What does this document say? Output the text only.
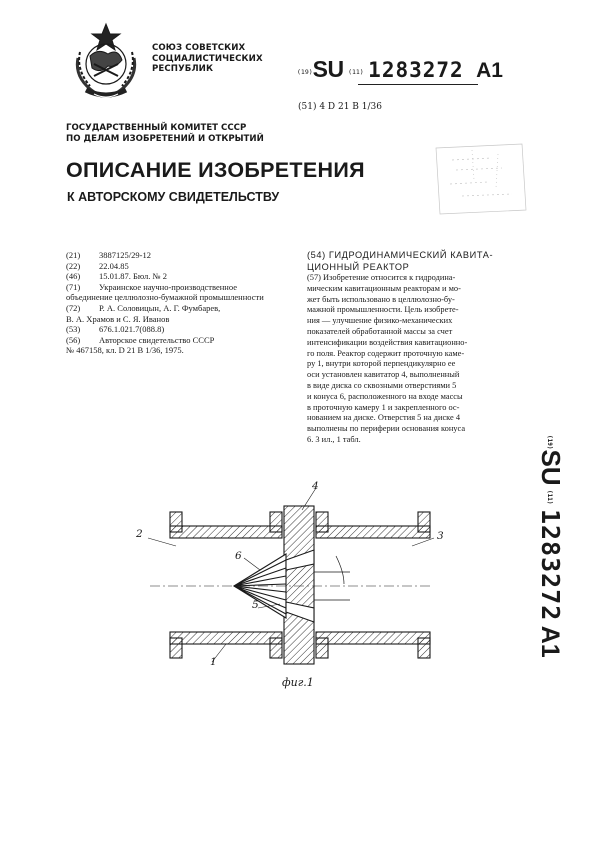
СОЮЗ СОВЕТСКИХ
СОЦИАЛИСТИЧЕСКИХ
РЕСПУБЛИК	(19)SU (11) 1283272 A1
(51) 4 D 21 B 1/36
ГОСУДАРСТВЕННЫЙ КОМИТЕТ СССР
ПО ДЕЛАМ ИЗОБРЕТЕНИЙ И ОТКРЫТИЙ
ОПИСАНИЕ ИЗОБРЕТЕНИЯ
К АВТОРСКОМУ СВИДЕТЕЛЬСТВУ
(21)	3887125/29-12
(22)	22.04.85
(46)	15.01.87. Бюл. № 2
(71)	Украинское научно-производственное
объединение целлюлозно-бумажной промышленности
(72)	Р. А. Соловицын, А. Г. Фумбарев,
В. А. Храмов и С. Я. Иванов
(53)	676.1.021.7(088.8)
(56)	Авторское свидетельство СССР
№ 467158, кл. D 21 B 1/36, 1975.
(54) ГИДРОДИНАМИЧЕСКИЙ КАВИТА-
ЦИОННЫЙ РЕАКТОР
(57) Изобретение относится к гидродина-
мическим кавитационным реакторам и мо-
жет быть использовано в целлюлозно-бу-
мажной промышленности. Цель изобрете-
ния — улучшение физико-механических
показателей обработанной массы за счет
интенсификации воздействия кавитационно-
го поля. Реактор содержит проточную каме-
ру 1, внутри которой перпендикулярно ее
оси установлен кавитатор 4, выполненный
в виде диска со сквозными отверстиями 5
и конуса 6, расположенного на входе массы
в проточную камеру 1 и закрепленного ос-
нованием на диске. Отверстия 5 на диске 4
выполнены по периферии основания конуса
6. 3 ил., 1 табл.	$^{(19)}$SU $^{(11)}$ 1283272 A1
2	3
4
6
5
1
фиг.1
